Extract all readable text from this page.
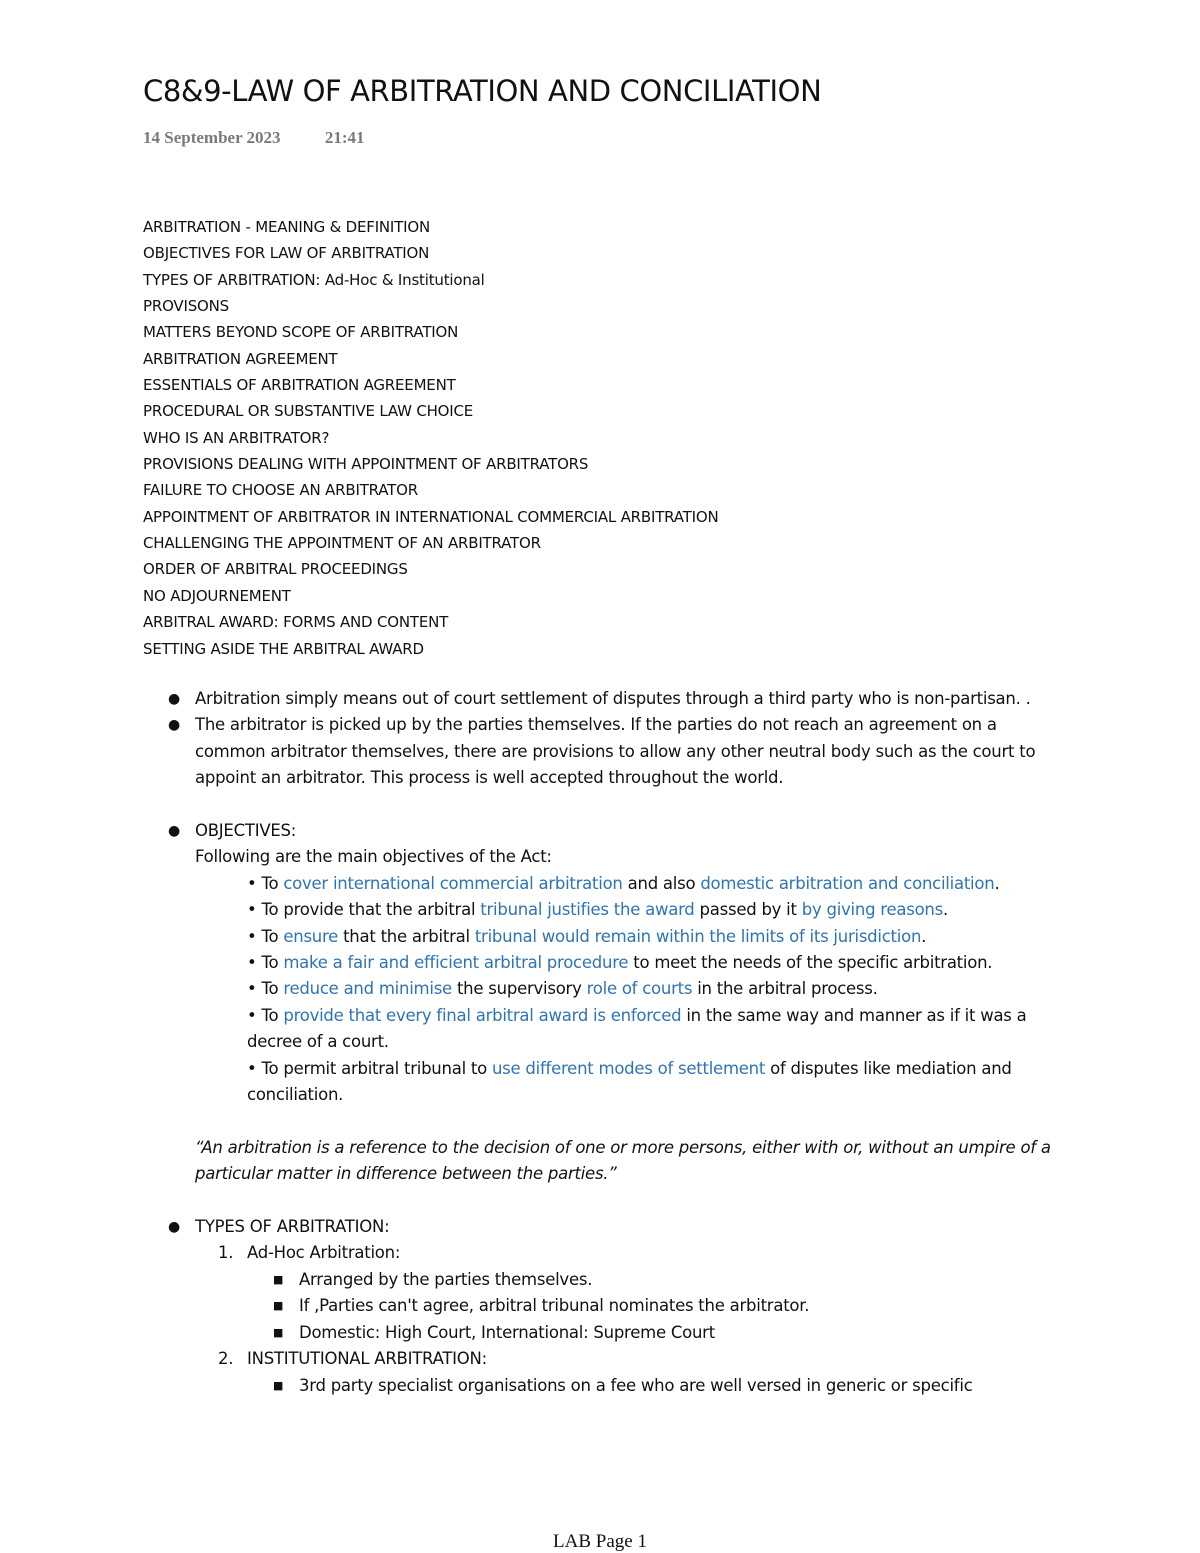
C8&9-LAW OF ARBITRATION AND CONCILIATION
14 September 2023	21:41
ARBITRATION - MEANING & DEFINITION
OBJECTIVES FOR LAW OF ARBITRATION
TYPES OF ARBITRATION: Ad-Hoc & Institutional
PROVISONS
MATTERS BEYOND SCOPE OF ARBITRATION
ARBITRATION AGREEMENT
ESSENTIALS OF ARBITRATION AGREEMENT
PROCEDURAL OR SUBSTANTIVE LAW CHOICE
WHO IS AN ARBITRATOR?
PROVISIONS DEALING WITH APPOINTMENT OF ARBITRATORS
FAILURE TO CHOOSE AN ARBITRATOR
APPOINTMENT OF ARBITRATOR IN INTERNATIONAL COMMERCIAL ARBITRATION
CHALLENGING THE APPOINTMENT OF AN ARBITRATOR
ORDER OF ARBITRAL PROCEEDINGS
NO ADJOURNEMENT
ARBITRAL AWARD: FORMS AND CONTENT
SETTING ASIDE THE ARBITRAL AWARD
● Arbitration simply means out of court settlement of disputes through a third party who is non-partisan. .
● The arbitrator is picked up by the parties themselves. If the parties do not reach an agreement on a common arbitrator themselves, there are provisions to allow any other neutral body such as the court to appoint an arbitrator. This process is well accepted throughout the world.
● OBJECTIVES:
Following are the main objectives of the Act:
• To cover international commercial arbitration and also domestic arbitration and conciliation.
• To provide that the arbitral tribunal justifies the award passed by it by giving reasons.
• To ensure that the arbitral tribunal would remain within the limits of its jurisdiction.
• To make a fair and efficient arbitral procedure to meet the needs of the specific arbitration.
• To reduce and minimise the supervisory role of courts in the arbitral process.
• To provide that every final arbitral award is enforced in the same way and manner as if it was a decree of a court.
• To permit arbitral tribunal to use different modes of settlement of disputes like mediation and conciliation.
“An arbitration is a reference to the decision of one or more persons, either with or, without an umpire of a particular matter in difference between the parties.”
● TYPES OF ARBITRATION:
1. Ad-Hoc Arbitration:
■ Arranged by the parties themselves.
■ If ,Parties can't agree, arbitral tribunal nominates the arbitrator.
■ Domestic: High Court, International: Supreme Court
2. INSTITUTIONAL ARBITRATION:
■ 3rd party specialist organisations on a fee who are well versed in generic or specific
LAB Page 1
